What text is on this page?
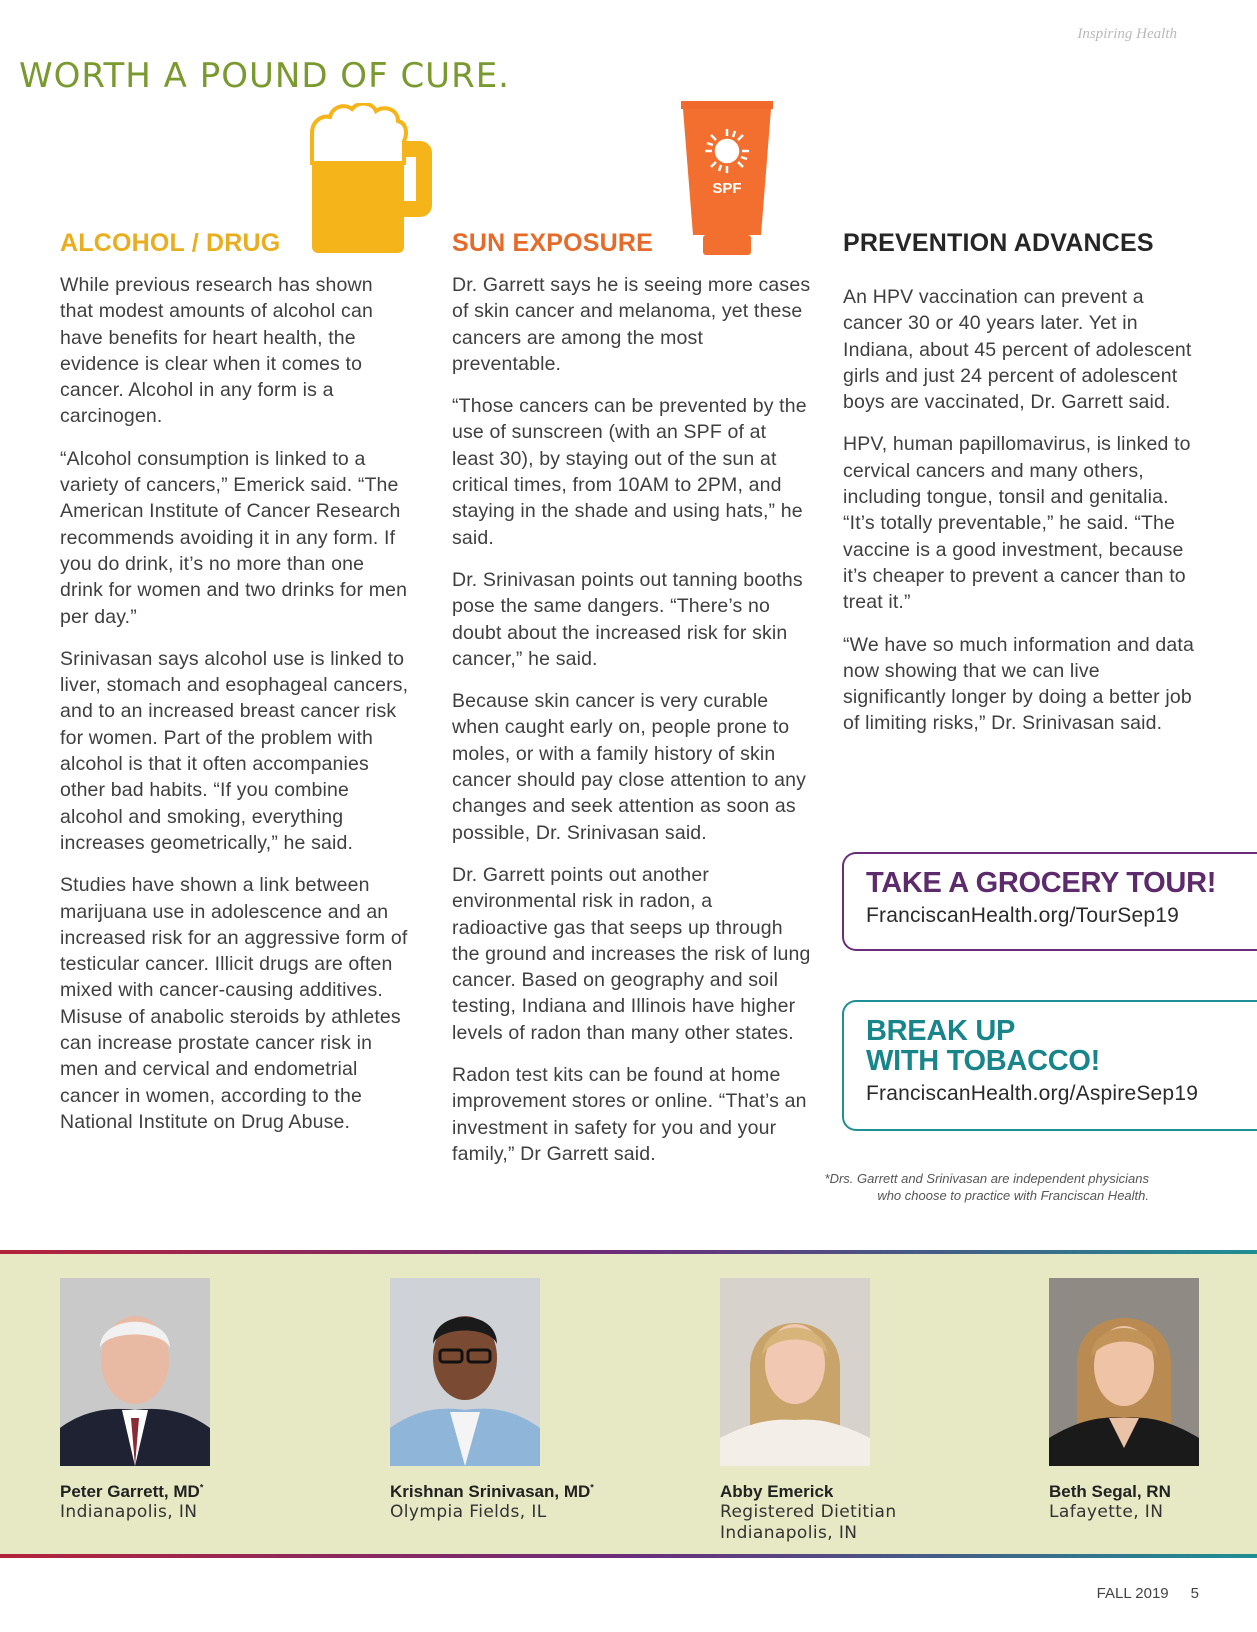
Inspiring Health
WORTH A POUND OF CURE.
SPF
ALCOHOL / DRUG

While previous research has shown that modest amounts of alcohol can have benefits for heart health, the evidence is clear when it comes to cancer. Alcohol in any form is a carcinogen.

“Alcohol consumption is linked to a variety of cancers,” Emerick said. “The American Institute of Cancer Research recommends avoiding it in any form. If you do drink, it’s no more than one drink for women and two drinks for men per day.”

Srinivasan says alcohol use is linked to liver, stomach and esophageal cancers, and to an increased breast cancer risk for women. Part of the problem with alcohol is that it often accompanies other bad habits. “If you combine alcohol and smoking, everything increases geometrically,” he said.

Studies have shown a link between marijuana use in adolescence and an increased risk for an aggressive form of testicular cancer. Illicit drugs are often mixed with cancer-causing additives. Misuse of anabolic steroids by athletes can increase prostate cancer risk in men and cervical and endometrial cancer in women, according to the National Institute on Drug Abuse.

SUN EXPOSURE

Dr. Garrett says he is seeing more cases of skin cancer and melanoma, yet these cancers are among the most preventable.

“Those cancers can be prevented by the use of sunscreen (with an SPF of at least 30), by staying out of the sun at critical times, from 10AM to 2PM, and staying in the shade and using hats,” he said.

Dr. Srinivasan points out tanning booths pose the same dangers. “There’s no doubt about the increased risk for skin cancer,” he said.

Because skin cancer is very curable when caught early on, people prone to moles, or with a family history of skin cancer should pay close attention to any changes and seek attention as soon as possible, Dr. Srinivasan said.

Dr. Garrett points out another environmental risk in radon, a radioactive gas that seeps up through the ground and increases the risk of lung cancer. Based on geography and soil testing, Indiana and Illinois have higher levels of radon than many other states.

Radon test kits can be found at home improvement stores or online. “That’s an investment in safety for you and your family,” Dr Garrett said.

PREVENTION ADVANCES

An HPV vaccination can prevent a cancer 30 or 40 years later. Yet in Indiana, about 45 percent of adolescent girls and just 24 percent of adolescent boys are vaccinated, Dr. Garrett said.

HPV, human papillomavirus, is linked to cervical cancers and many others, including tongue, tonsil and genitalia. “It’s totally preventable,” he said. “The vaccine is a good investment, because it’s cheaper to prevent a cancer than to treat it.”

“We have so much information and data now showing that we can live significantly longer by doing a better job of limiting risks,” Dr. Srinivasan said.

TAKE A GROCERY TOUR!
FranciscanHealth.org/TourSep19
BREAK UP
WITH TOBACCO!
FranciscanHealth.org/AspireSep19
*Drs. Garrett and Srinivasan are independent physicians
who choose to practice with Franciscan Health.
Peter Garrett, MD*
Indianapolis, IN
Krishnan Srinivasan, MD*
Olympia Fields, IL
Abby Emerick
Registered Dietitian
Indianapolis, IN
Beth Segal, RN
Lafayette, IN
FALL 2019 5
